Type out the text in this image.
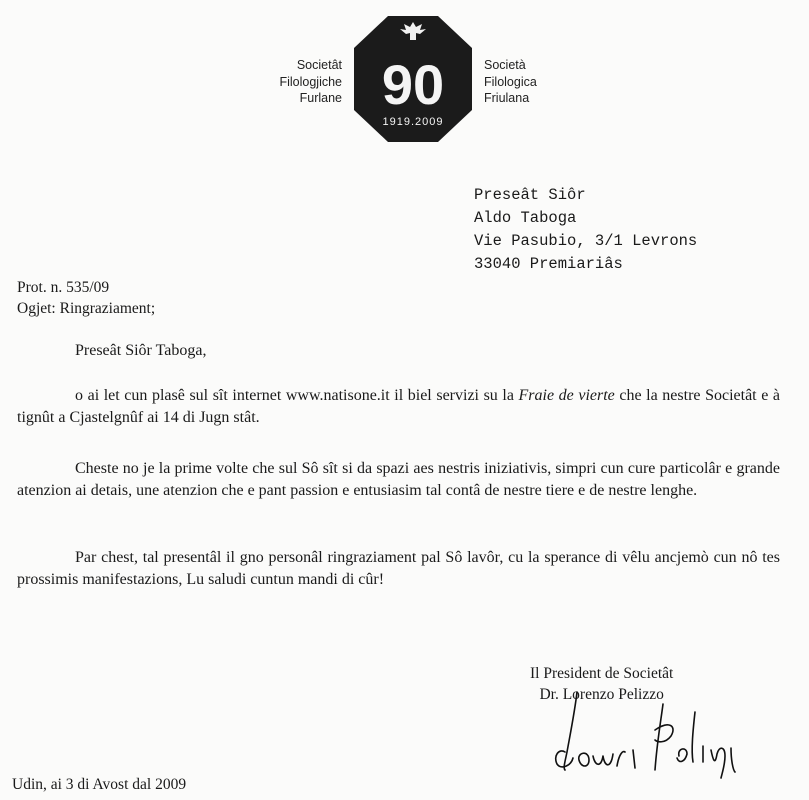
Societât
Filologjiche
Furlane 90
1919.2009
Società
Filologica
Friulana
Preseât Siôr
Aldo Taboga
Vie Pasubio, 3/1 Levrons
33040 Premiariâs
Prot. n. 535/09
Ogjet: Ringraziament;
Preseât Siôr Taboga,
o ai let cun plasê sul sît internet www.natisone.it il biel servizi su la Fraie de vierte che la nestre Societât e à tignût a Cjastelgnûf ai 14 di Jugn stât.
Cheste no je la prime volte che sul Sô sît si da spazi aes nestris iniziativis, simpri cun cure particolâr e grande atenzion ai detais, une atenzion che e pant passion e entusiasim tal contâ de nestre tiere e de nestre lenghe.
Par chest, tal presentâl il gno personâl ringraziament pal Sô lavôr, cu la sperance di vêlu ancjemò cun nô tes prossimis manifestazions, Lu saludi cuntun mandi di cûr!
Il President de Societât
Dr. Lorenzo Pelizzo
Udin, ai 3 di Avost dal 2009
